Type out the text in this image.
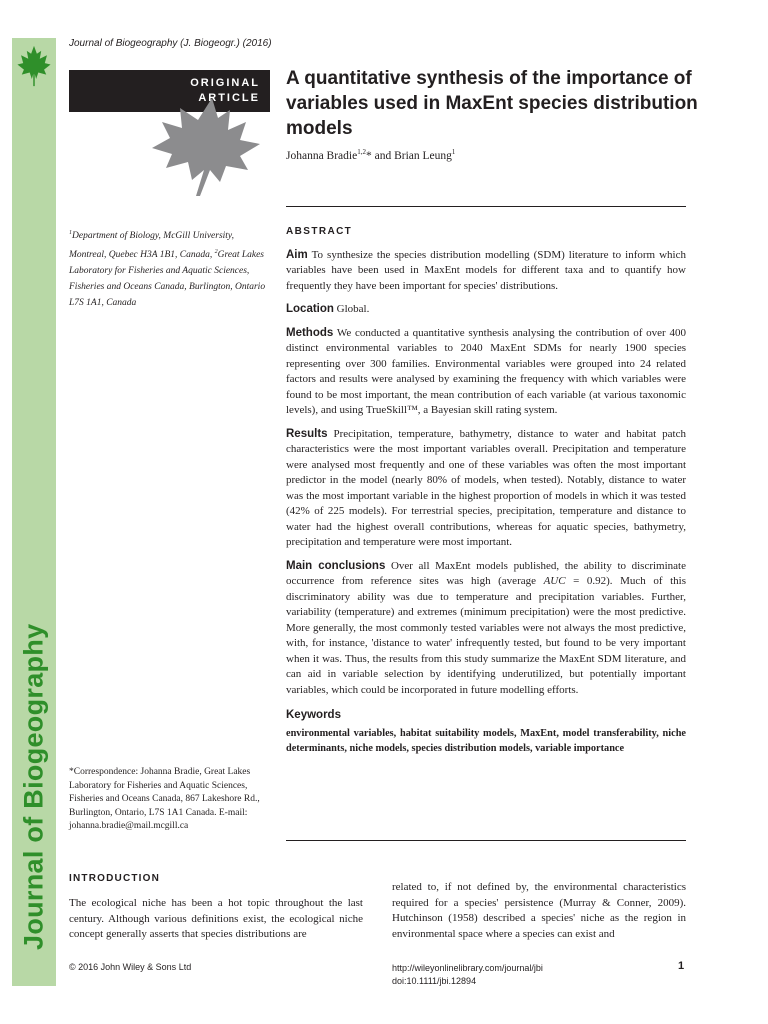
Journal of Biogeography
Journal of Biogeography (J. Biogeogr.) (2016)
ORIGINAL
ARTICLE
A quantitative synthesis of the importance of variables used in MaxEnt species distribution models
Johanna Bradie$^{1,2}$* and Brian Leung$^1$
$^1$Department of Biology, McGill University, Montreal, Quebec H3A 1B1, Canada, $^2$Great Lakes Laboratory for Fisheries and Aquatic Sciences, Fisheries and Oceans Canada, Burlington, Ontario L7S 1A1, Canada
ABSTRACT

Aim To synthesize the species distribution modelling (SDM) literature to inform which variables have been used in MaxEnt models for different taxa and to quantify how frequently they have been important for species' distributions.

Location Global.

Methods We conducted a quantitative synthesis analysing the contribution of over 400 distinct environmental variables to 2040 MaxEnt SDMs for nearly 1900 species representing over 300 families. Environmental variables were grouped into 24 related factors and results were analysed by examining the frequency with which variables were found to be most important, the mean contribution of each variable (at various taxonomic levels), and using TrueSkill™, a Bayesian skill rating system.

Results Precipitation, temperature, bathymetry, distance to water and habitat patch characteristics were the most important variables overall. Precipitation and temperature were analysed most frequently and one of these variables was often the most important predictor in the model (nearly 80% of models, when tested). Notably, distance to water was the most important variable in the highest proportion of models in which it was tested (42% of 225 models). For terrestrial species, precipitation, temperature and distance to water had the highest overall contributions, whereas for aquatic species, bathymetry, precipitation and temperature were most important.

Main conclusions Over all MaxEnt models published, the ability to discriminate occurrence from reference sites was high (average AUC = 0.92). Much of this discriminatory ability was due to temperature and precipitation variables. Further, variability (temperature) and extremes (minimum precipitation) were the most predictive. More generally, the most commonly tested variables were not always the most predictive, with, for instance, 'distance to water' infrequently tested, but found to be very important when it was. Thus, the results from this study summarize the MaxEnt SDM literature, and can aid in variable selection by identifying underutilized, but potentially important variables, which could be incorporated in future modelling efforts.

Keywords
environmental variables, habitat suitability models, MaxEnt, model transferability, niche determinants, niche models, species distribution models, variable importance
*Correspondence: Johanna Bradie, Great Lakes Laboratory for Fisheries and Aquatic Sciences, Fisheries and Oceans Canada, 867 Lakeshore Rd., Burlington, Ontario, L7S 1A1 Canada. E-mail: johanna.bradie@mail.mcgill.ca
INTRODUCTION
The ecological niche has been a hot topic throughout the last century. Although various definitions exist, the ecological niche concept generally asserts that species distributions are
related to, if not defined by, the environmental characteristics required for a species' persistence (Murray & Conner, 2009). Hutchinson (1958) described a species' niche as the region in environmental space where a species can exist and
© 2016 John Wiley & Sons Ltd	http://wileyonlinelibrary.com/journal/jbi
doi:10.1111/jbi.12894
1
